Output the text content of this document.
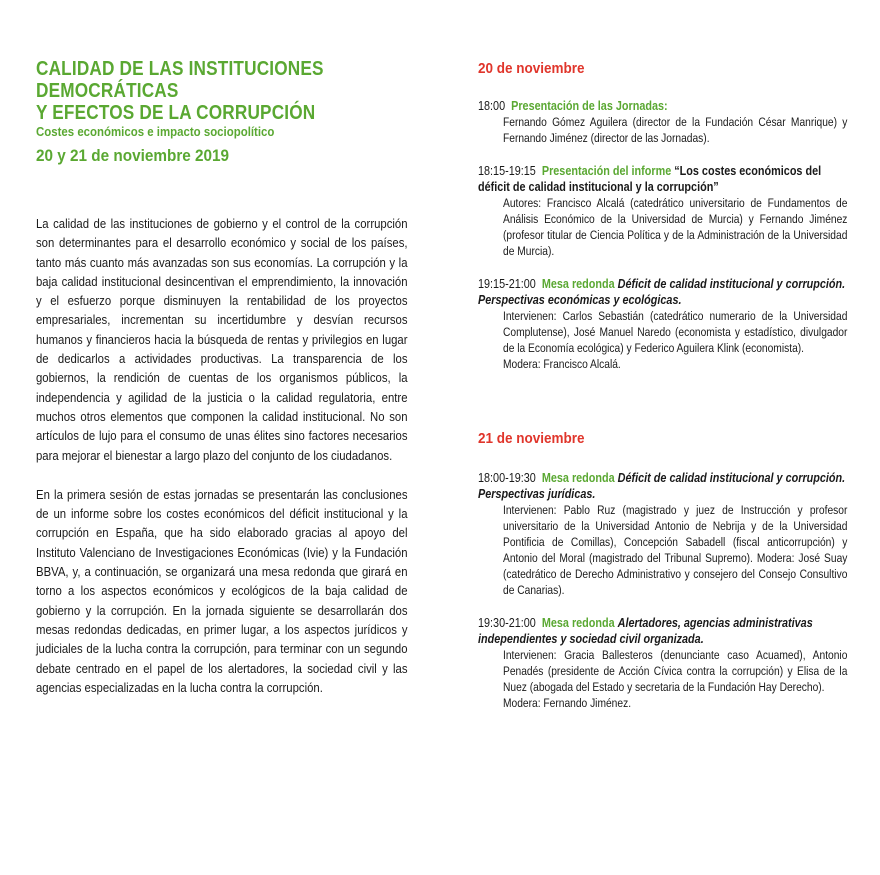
CALIDAD DE LAS INSTITUCIONES DEMOCRÁTICAS
Y EFECTOS DE LA CORRUPCIÓN

Costes económicos e impacto sociopolítico

20 y 21 de noviembre 2019

La calidad de las instituciones de gobierno y el control de la corrupción son determinantes para el desarrollo económico y social de los países, tanto más cuanto más avanzadas son sus economías. La corrupción y la baja calidad institucional desincentivan el emprendimiento, la innovación y el esfuerzo porque disminuyen la rentabilidad de los proyectos empresariales, incrementan su incertidumbre y desvían recursos humanos y financieros hacia la búsqueda de rentas y privilegios en lugar de dedicarlos a actividades productivas. La transparencia de los gobiernos, la rendición de cuentas de los organismos públicos, la independencia y agilidad de la justicia o la calidad regulatoria, entre muchos otros elementos que componen la calidad institucional. No son artículos de lujo para el consumo de unas élites sino factores necesarios para mejorar el bienestar a largo plazo del conjunto de los ciudadanos.

En la primera sesión de estas jornadas se presentarán las conclusiones de un informe sobre los costes económicos del déficit institucional y la corrupción en España, que ha sido elaborado gracias al apoyo del Instituto Valenciano de Investigaciones Económicas (Ivie) y la Fundación BBVA, y, a continuación, se organizará una mesa redonda que girará en torno a los aspectos económicos y ecológicos de la baja calidad de gobierno y la corrupción. En la jornada siguiente se desarrollarán dos mesas redondas dedicadas, en primer lugar, a los aspectos jurídicos y judiciales de la lucha contra la corrupción, para terminar con un segundo debate centrado en el papel de los alertadores, la sociedad civil y las agencias especializadas en la lucha contra la corrupción.

20 de noviembre

18:00 Presentación de las Jornadas:

Fernando Gómez Aguilera (director de la Fundación César Manrique) y Fernando Jiménez (director de las Jornadas).

18:15-19:15 Presentación del informe “Los costes económicos del déficit de calidad institucional y la corrupción”

Autores: Francisco Alcalá (catedrático universitario de Fundamentos de Análisis Económico de la Universidad de Murcia) y Fernando Jiménez (profesor titular de Ciencia Política y de la Administración de la Universidad de Murcia).

19:15-21:00 Mesa redonda Déficit de calidad institucional y corrupción. Perspectivas económicas y ecológicas.

Intervienen: Carlos Sebastián (catedrático numerario de la Universidad Complutense), José Manuel Naredo (economista y estadístico, divulgador de la Economía ecológica) y Federico Aguilera Klink (economista).
Modera: Francisco Alcalá.

21 de noviembre

18:00-19:30 Mesa redonda Déficit de calidad institucional y corrupción. Perspectivas jurídicas.

Intervienen: Pablo Ruz (magistrado y juez de Instrucción y profesor universitario de la Universidad Antonio de Nebrija y de la Universidad Pontificia de Comillas), Concepción Sabadell (fiscal anticorrupción) y Antonio del Moral (magistrado del Tribunal Supremo). Modera: José Suay (catedrático de Derecho Administrativo y consejero del Consejo Consultivo de Canarias).

19:30-21:00 Mesa redonda Alertadores, agencias administrativas independientes y sociedad civil organizada.

Intervienen: Gracia Ballesteros (denunciante caso Acuamed), Antonio Penadés (presidente de Acción Cívica contra la corrupción) y Elisa de la Nuez (abogada del Estado y secretaria de la Fundación Hay Derecho).
Modera: Fernando Jiménez.
